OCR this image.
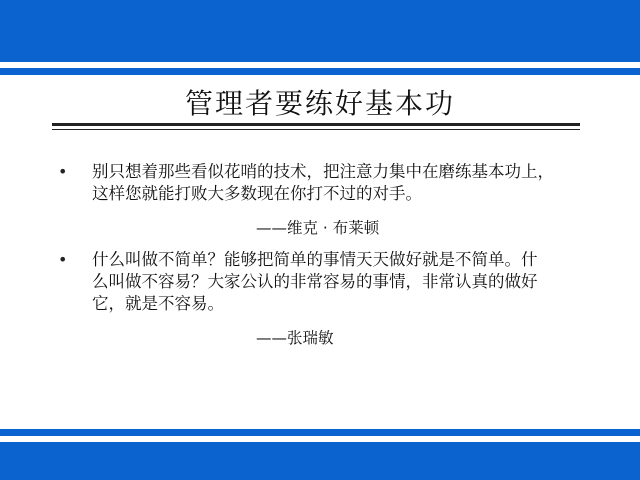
管理者要练好基本功
• 别只想着那些看似花哨的技术，把注意力集中在磨练基本功上，
这样您就能打败大多数现在你打不过的对手。
——维克 · 布莱顿
• 什么叫做不简单？能够把简单的事情天天做好就是不简单。什
么叫做不容易？大家公认的非常容易的事情，非常认真的做好
它，就是不容易。
——张瑞敏
